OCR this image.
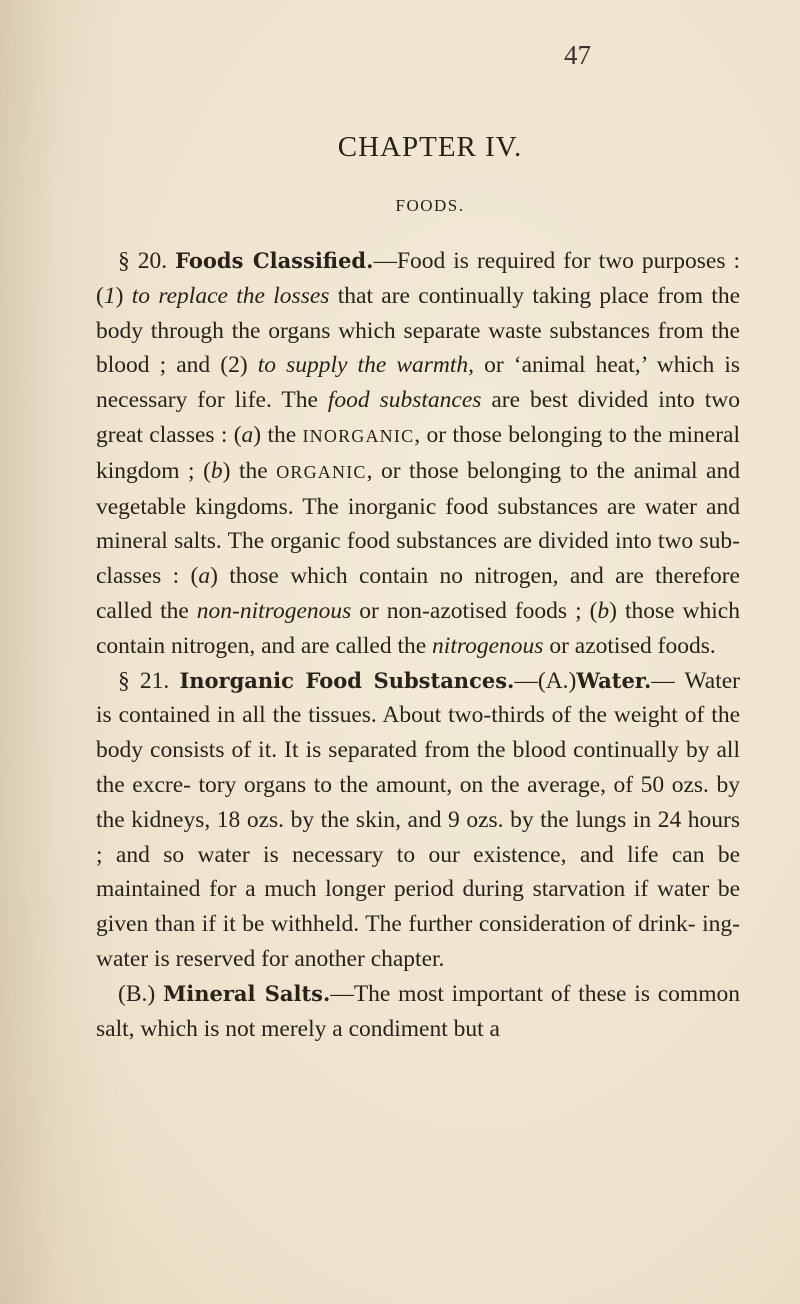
47
CHAPTER IV.
FOODS.

§ 20. Foods Classified.—Food is required for two purposes : (1) to replace the losses that are continually taking place from the body through the organs which separate waste substances from the blood ; and (2) to supply the warmth, or ‘animal heat,’ which is necessary for life. The food substances are best divided into two great classes : (a) the INORGANIC, or those belonging to the mineral kingdom ; (b) the ORGANIC, or those belonging to the animal and vegetable kingdoms. The inorganic food substances are water and mineral salts. The organic food substances are divided into two sub-classes : (a) those which contain no nitrogen, and are therefore called the non-nitrogenous or non-azotised foods ; (b) those which contain nitrogen, and are called the nitrogenous or azotised foods.

§ 21. Inorganic Food Substances.—(A.)Water.— Water is contained in all the tissues. About two-thirds of the weight of the body consists of it. It is separated from the blood continually by all the excre- tory organs to the amount, on the average, of 50 ozs. by the kidneys, 18 ozs. by the skin, and 9 ozs. by the lungs in 24 hours ; and so water is necessary to our existence, and life can be maintained for a much longer period during starvation if water be given than if it be withheld. The further consideration of drink- ing-water is reserved for another chapter.

(B.) Mineral Salts.—The most important of these is common salt, which is not merely a condiment but a
